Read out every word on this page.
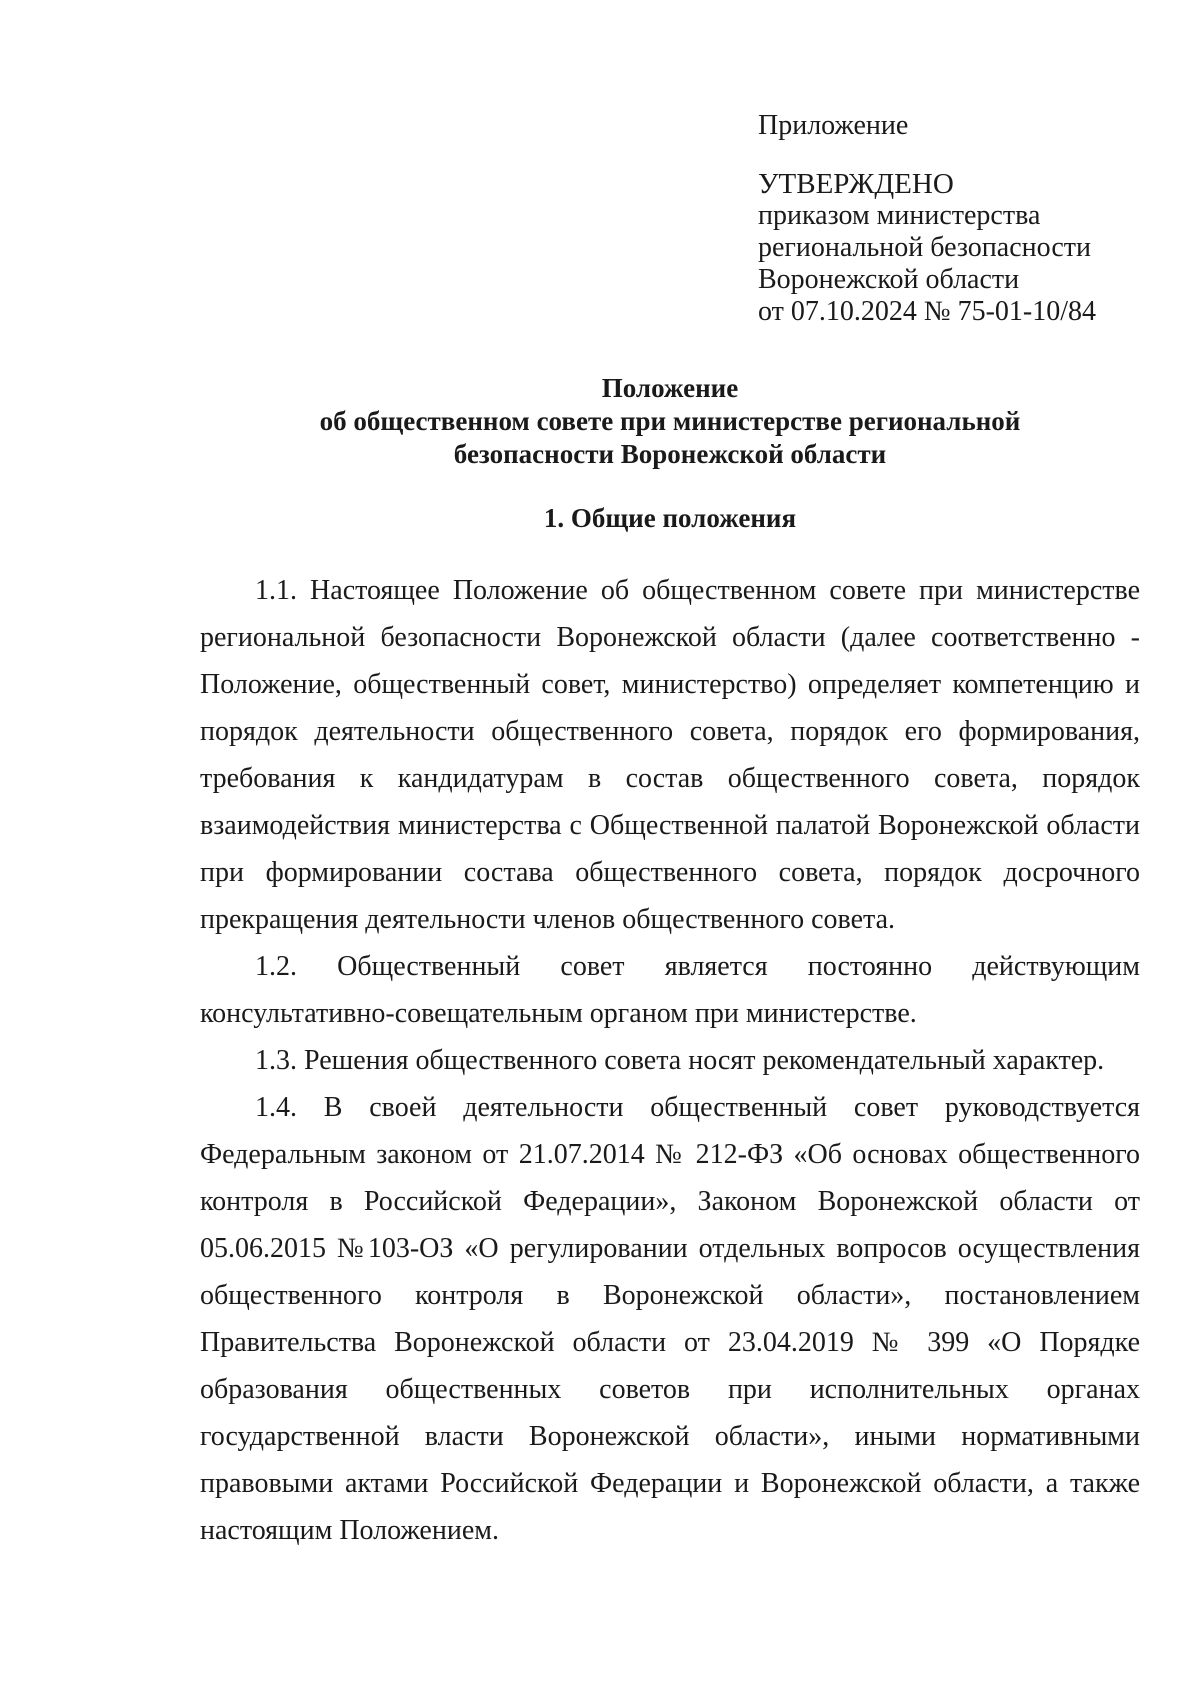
Приложение

УТВЕРЖДЕНО

приказом министерства

региональной безопасности

Воронежской области

от 07.10.2024 № 75-01-10/84

Положение

об общественном совете при министерстве региональной

безопасности Воронежской области

1. Общие положения

1.1. Настоящее Положение об общественном совете при министерстве региональной безопасности Воронежской области (далее соответственно - Положение, общественный совет, министерство) определяет компетенцию и порядок деятельности общественного совета, порядок его формирования, требования к кандидатурам в состав общественного совета, порядок взаимодействия министерства с Общественной палатой Воронежской области при формировании состава общественного совета, порядок досрочного прекращения деятельности членов общественного совета.

1.2. Общественный совет является постоянно действующим консультативно-совещательным органом при министерстве.

1.3. Решения общественного совета носят рекомендательный характер.

1.4. В своей деятельности общественный совет руководствуется Федеральным законом от 21.07.2014 № 212-ФЗ «Об основах общественного контроля в Российской Федерации», Законом Воронежской области от 05.06.2015 №103-ОЗ «О регулировании отдельных вопросов осуществления общественного контроля в Воронежской области», постановлением Правительства Воронежской области от 23.04.2019 № 399 «О Порядке образования общественных советов при исполнительных органах государственной власти Воронежской области», иными нормативными правовыми актами Российской Федерации и Воронежской области, а также настоящим Положением.
